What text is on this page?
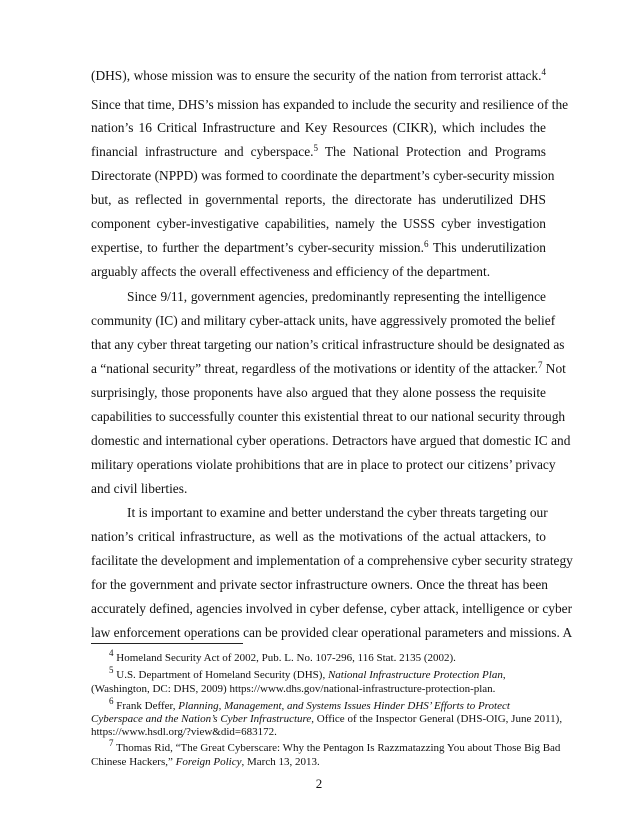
(DHS), whose mission was to ensure the security of the nation from terrorist attack.$^4$
Since that time, DHS’s mission has expanded to include the security and resilience of the
nation’s 16 Critical Infrastructure and Key Resources (CIKR), which includes the
financial infrastructure and cyberspace.$^5$ The National Protection and Programs
Directorate (NPPD) was formed to coordinate the department’s cyber-security mission
but, as reflected in governmental reports, the directorate has underutilized DHS
component cyber-investigative capabilities, namely the USSS cyber investigation
expertise, to further the department’s cyber-security mission.$^6$ This underutilization
arguably affects the overall effectiveness and efficiency of the department.
Since 9/11, government agencies, predominantly representing the intelligence
community (IC) and military cyber-attack units, have aggressively promoted the belief
that any cyber threat targeting our nation’s critical infrastructure should be designated as
a “national security” threat, regardless of the motivations or identity of the attacker.$^7$ Not
surprisingly, those proponents have also argued that they alone possess the requisite
capabilities to successfully counter this existential threat to our national security through
domestic and international cyber operations. Detractors have argued that domestic IC and
military operations violate prohibitions that are in place to protect our citizens’ privacy
and civil liberties.
It is important to examine and better understand the cyber threats targeting our
nation’s critical infrastructure, as well as the motivations of the actual attackers, to
facilitate the development and implementation of a comprehensive cyber security strategy
for the government and private sector infrastructure owners. Once the threat has been
accurately defined, agencies involved in cyber defense, cyber attack, intelligence or cyber
law enforcement operations can be provided clear operational parameters and missions. A
$^4$ Homeland Security Act of 2002, Pub. L. No. 107-296, 116 Stat. 2135 (2002).
$^5$ U.S. Department of Homeland Security (DHS), National Infrastructure Protection Plan,
(Washington, DC: DHS, 2009) https://www.dhs.gov/national-infrastructure-protection-plan.
$^6$ Frank Deffer, Planning, Management, and Systems Issues Hinder DHS’ Efforts to Protect
Cyberspace and the Nation’s Cyber Infrastructure, Office of the Inspector General (DHS-OIG, June 2011),
https://www.hsdl.org/?view&did=683172.
$^7$ Thomas Rid, “The Great Cyberscare: Why the Pentagon Is Razzmatazzing You about Those Big Bad
Chinese Hackers,” Foreign Policy, March 13, 2013.
2
